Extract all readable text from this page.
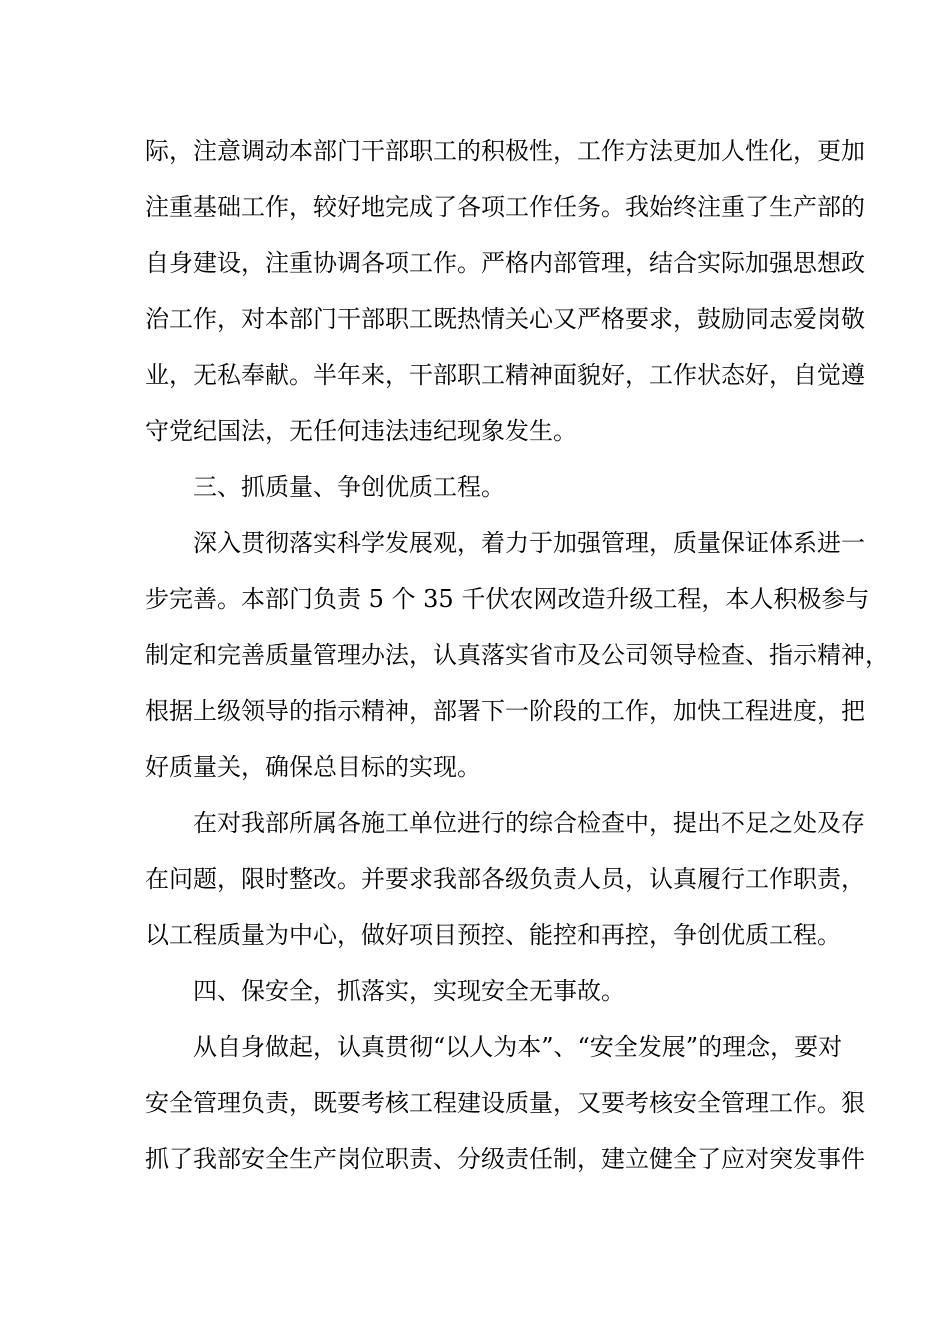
际，注意调动本部门干部职工的积极性，工作方法更加人性化，更加
注重基础工作，较好地完成了各项工作任务。我始终注重了生产部的
自身建设，注重协调各项工作。严格内部管理，结合实际加强思想政
治工作，对本部门干部职工既热情关心又严格要求，鼓励同志爱岗敬
业，无私奉献。半年来，干部职工精神面貌好，工作状态好，自觉遵
守党纪国法，无任何违法违纪现象发生。
三、抓质量、争创优质工程。
深入贯彻落实科学发展观，着力于加强管理，质量保证体系进一
步完善。本部门负责 5 个 35 千伏农网改造升级工程，本人积极参与
制定和完善质量管理办法，认真落实省市及公司领导检查、指示精神，
根据上级领导的指示精神，部署下一阶段的工作，加快工程进度，把
好质量关，确保总目标的实现。
在对我部所属各施工单位进行的综合检查中，提出不足之处及存
在问题，限时整改。并要求我部各级负责人员，认真履行工作职责，
以工程质量为中心，做好项目预控、能控和再控，争创优质工程。
四、保安全，抓落实，实现安全无事故。
从自身做起，认真贯彻“以人为本”、“安全发展”的理念，要对
安全管理负责，既要考核工程建设质量，又要考核安全管理工作。狠
抓了我部安全生产岗位职责、分级责任制，建立健全了应对突发事件
